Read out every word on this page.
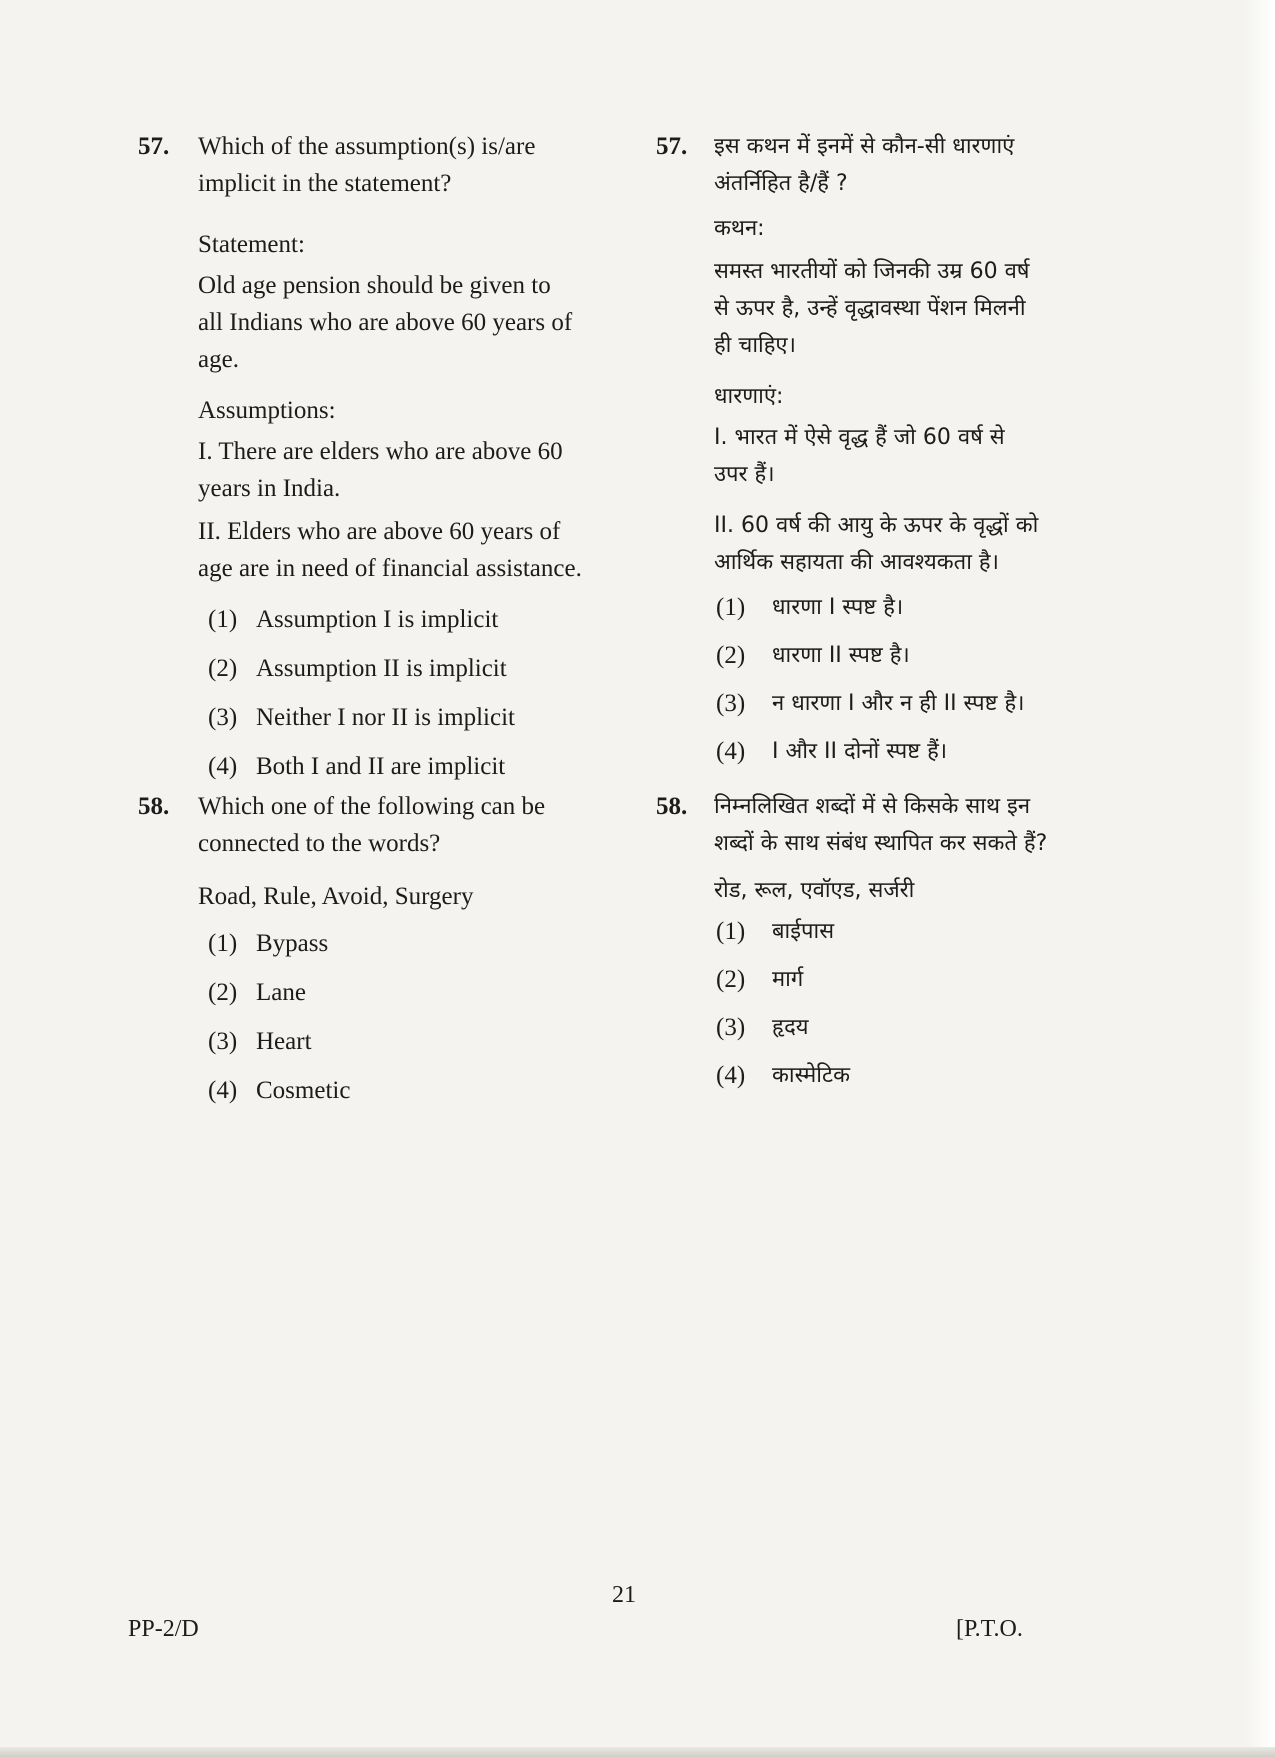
57. Which of the assumption(s) is/are
implicit in the statement?
Statement:
Old age pension should be given to
all Indians who are above 60 years of
age.
Assumptions:
I. There are elders who are above 60
years in India.
II. Elders who are above 60 years of
age are in need of financial assistance.
(1) Assumption I is implicit
(2) Assumption II is implicit
(3) Neither I nor II is implicit
(4) Both I and II are implicit
58. Which one of the following can be
connected to the words?
Road, Rule, Avoid, Surgery
(1) Bypass
(2) Lane
(3) Heart
(4) Cosmetic
57. इस कथन में इनमें से कौन-सी धारणाएं
अंतर्निहित है/हैं ?
कथन:
समस्त भारतीयों को जिनकी उम्र 60 वर्ष
से ऊपर है, उन्हें वृद्धावस्था पेंशन मिलनी
ही चाहिए।
धारणाएं:
I. भारत में ऐसे वृद्ध हैं जो 60 वर्ष से
उपर हैं।
II. 60 वर्ष की आयु के ऊपर के वृद्धों को
आर्थिक सहायता की आवश्यकता है।
(1)	धारणा I स्पष्ट है।
(2)	धारणा II स्पष्ट है।
(3)	न धारणा I और न ही II स्पष्ट है।
(4)	I और II दोनों स्पष्ट हैं।
58. निम्नलिखित शब्दों में से किसके साथ इन
शब्दों के साथ संबंध स्थापित कर सकते हैं?
रोड, रूल, एवॉएड, सर्जरी
(1)	बाईपास
(2)	मार्ग
(3)	हृदय
(4)	कास्मेटिक
21
PP-2/D	[P.T.O.
